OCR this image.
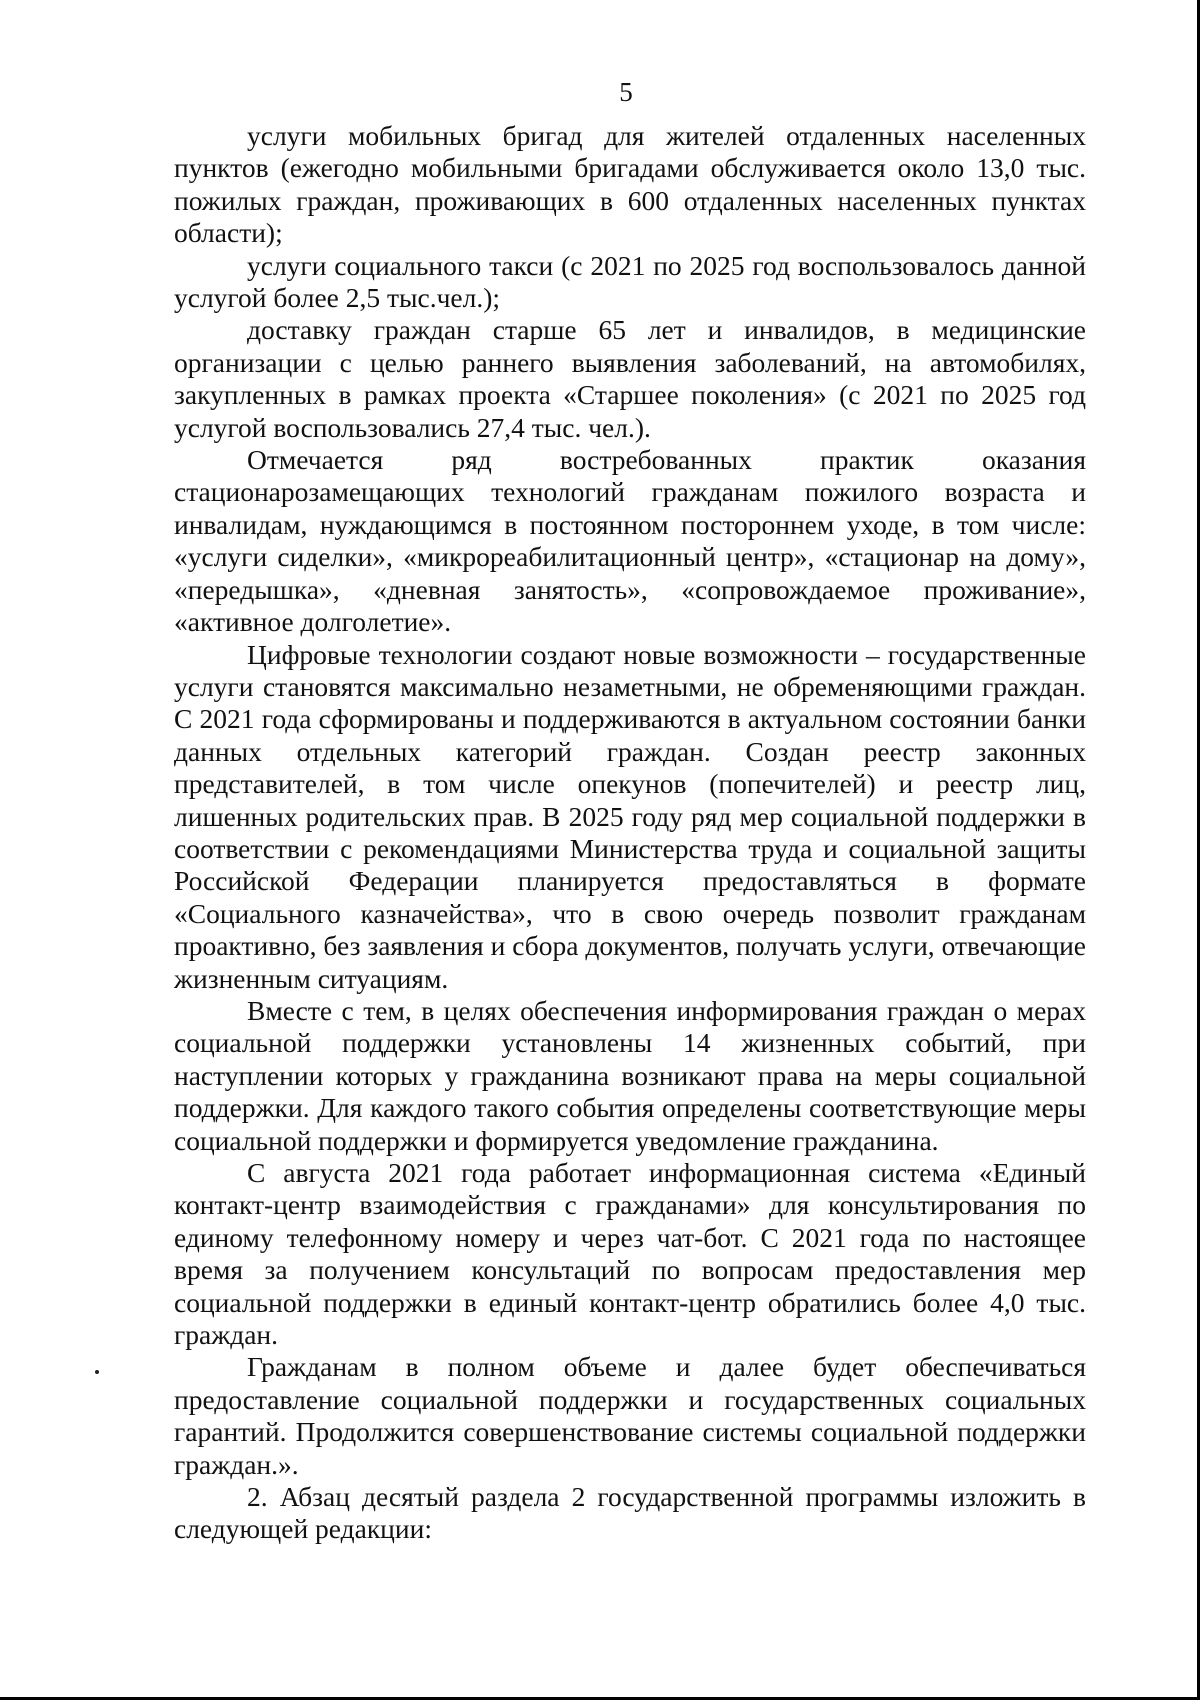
5

услуги мобильных бригад для жителей отдаленных населенных пунктов (ежегодно мобильными бригадами обслуживается около 13,0 тыс. пожилых граждан, проживающих в 600 отдаленных населенных пунктах области);

услуги социального такси (с 2021 по 2025 год воспользовалось данной услугой более 2,5 тыс.чел.);

доставку граждан старше 65 лет и инвалидов, в медицинские организации с целью раннего выявления заболеваний, на автомобилях, закупленных в рамках проекта «Старшее поколения» (с 2021 по 2025 год услугой воспользовались 27,4 тыс. чел.).

Отмечается ряд востребованных практик оказания стационарозамещающих технологий гражданам пожилого возраста и инвалидам, нуждающимся в постоянном постороннем уходе, в том числе: «услуги сиделки», «микрореабилитационный центр», «стационар на дому», «передышка», «дневная занятость», «сопровождаемое проживание», «активное долголетие».

Цифровые технологии создают новые возможности – государственные услуги становятся максимально незаметными, не обременяющими граждан. С 2021 года сформированы и поддерживаются в актуальном состоянии банки данных отдельных категорий граждан. Создан реестр законных представителей, в том числе опекунов (попечителей) и реестр лиц, лишенных родительских прав. В 2025 году ряд мер социальной поддержки в соответствии с рекомендациями Министерства труда и социальной защиты Российской Федерации планируется предоставляться в формате «Социального казначейства», что в свою очередь позволит гражданам проактивно, без заявления и сбора документов, получать услуги, отвечающие жизненным ситуациям.

Вместе с тем, в целях обеспечения информирования граждан о мерах социальной поддержки установлены 14 жизненных событий, при наступлении которых у гражданина возникают права на меры социальной поддержки. Для каждого такого события определены соответствующие меры социальной поддержки и формируется уведомление гражданина.

С августа 2021 года работает информационная система «Единый контакт-центр взаимодействия с гражданами» для консультирования по единому телефонному номеру и через чат-бот. С 2021 года по настоящее время за получением консультаций по вопросам предоставления мер социальной поддержки в единый контакт-центр обратились более 4,0 тыс. граждан.

Гражданам в полном объеме и далее будет обеспечиваться предоставление социальной поддержки и государственных социальных гарантий. Продолжится совершенствование системы социальной поддержки граждан.».

2. Абзац десятый раздела 2 государственной программы изложить в следующей редакции:
